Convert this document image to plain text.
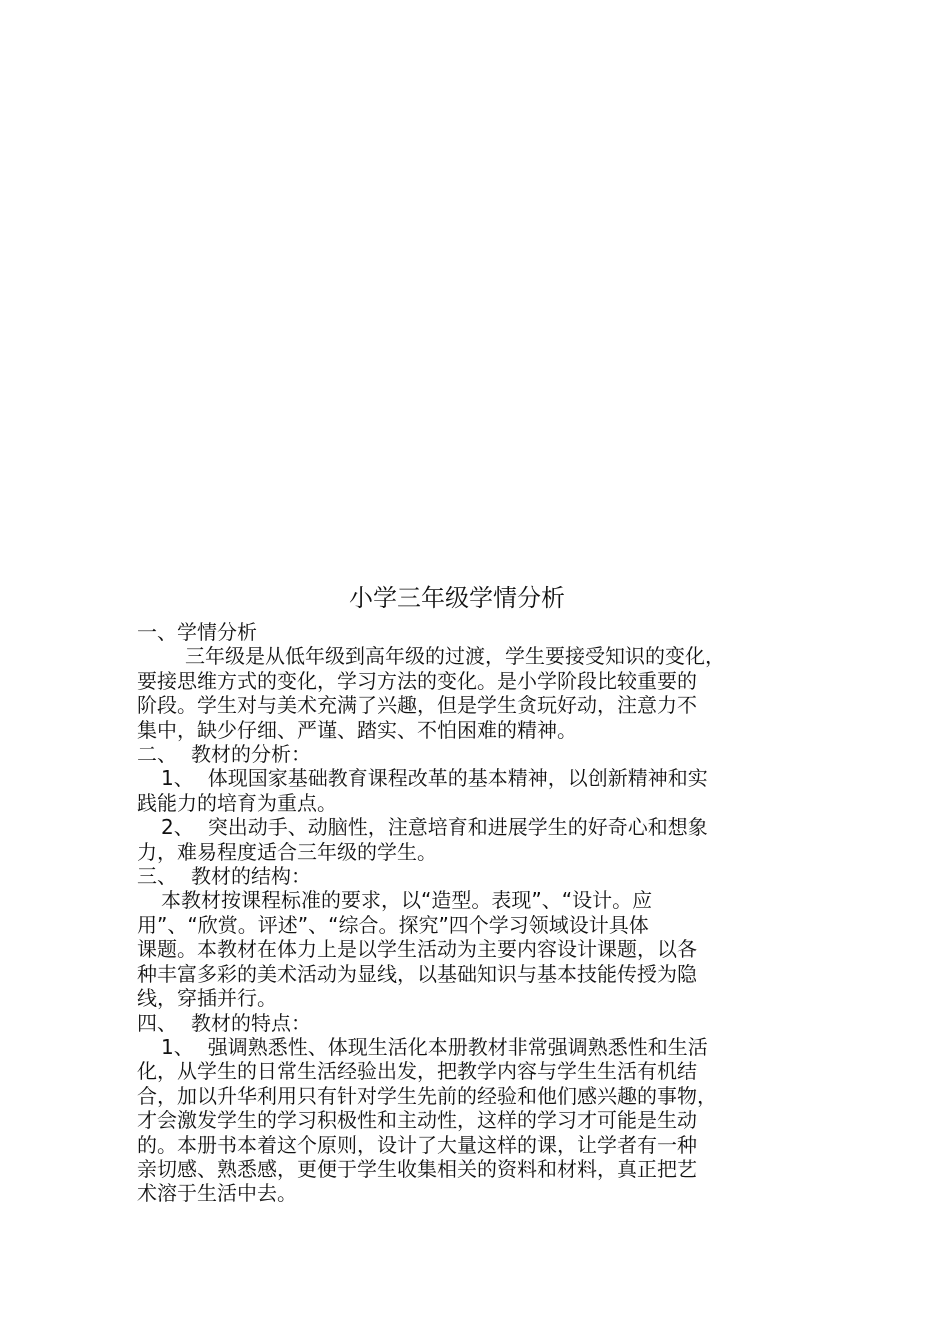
小学三年级学情分析

一、学情分析

三年级是从低年级到高年级的过渡，学生要接受知识的变化，

要接思维方式的变化，学习方法的变化。是小学阶段比较重要的

阶段。学生对与美术充满了兴趣，但是学生贪玩好动，注意力不

集中，缺少仔细、严谨、踏实、不怕困难的精神。

二、 教材的分析：

1、 体现国家基础教育课程改革的基本精神，以创新精神和实

践能力的培育为重点。

2、 突出动手、动脑性，注意培育和进展学生的好奇心和想象

力，难易程度适合三年级的学生。

三、 教材的结构：

本教材按课程标准的要求，以“造型。表现”、“设计。应

用”、“欣赏。评述”、“综合。探究”四个学习领域设计具体

课题。本教材在体力上是以学生活动为主要内容设计课题，以各

种丰富多彩的美术活动为显线，以基础知识与基本技能传授为隐

线，穿插并行。

四、 教材的特点：

1、 强调熟悉性、体现生活化本册教材非常强调熟悉性和生活

化，从学生的日常生活经验出发，把教学内容与学生生活有机结

合，加以升华利用只有针对学生先前的经验和他们感兴趣的事物，

才会激发学生的学习积极性和主动性，这样的学习才可能是生动

的。本册书本着这个原则，设计了大量这样的课，让学者有一种

亲切感、熟悉感，更便于学生收集相关的资料和材料，真正把艺

术溶于生活中去。
